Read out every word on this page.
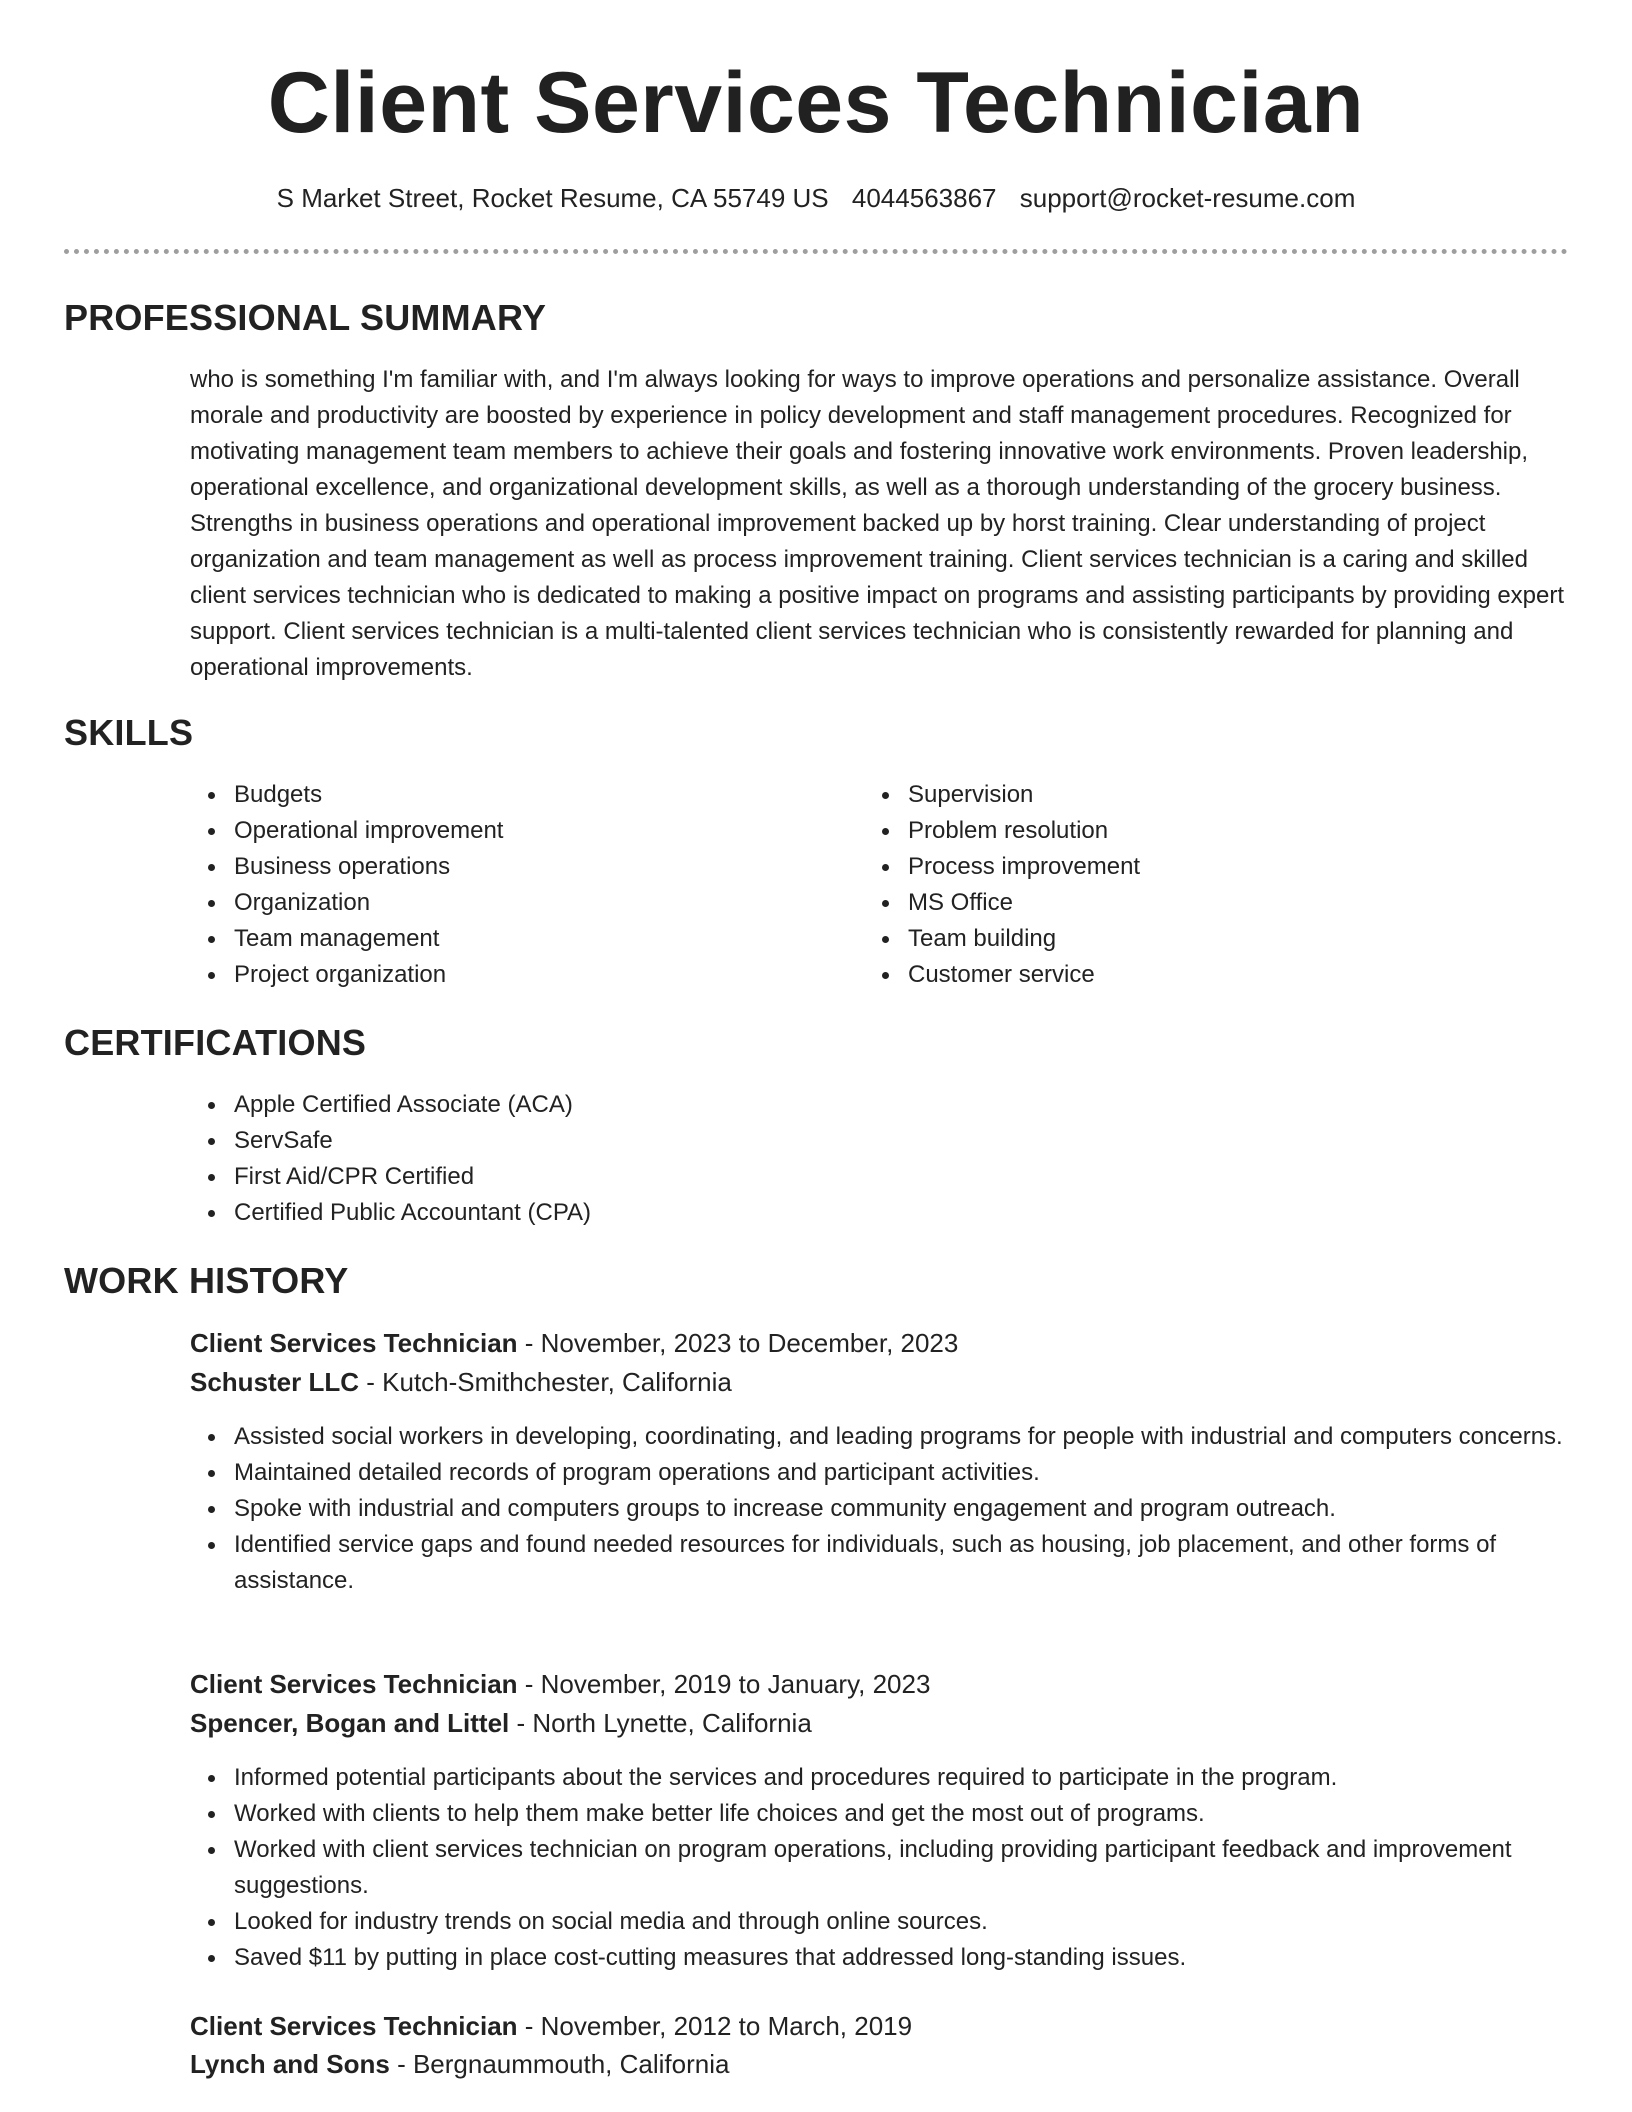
Client Services Technician
S Market Street, Rocket Resume, CA 55749 US 4044563867 support@rocket-resume.com
PROFESSIONAL SUMMARY

who is something I'm familiar with, and I'm always looking for ways to improve operations and personalize assistance. Overall morale and productivity are boosted by experience in policy development and staff management procedures. Recognized for motivating management team members to achieve their goals and fostering innovative work environments. Proven leadership, operational excellence, and organizational development skills, as well as a thorough understanding of the grocery business. Strengths in business operations and operational improvement backed up by horst training. Clear understanding of project organization and team management as well as process improvement training. Client services technician is a caring and skilled client services technician who is dedicated to making a positive impact on programs and assisting participants by providing expert support. Client services technician is a multi-talented client services technician who is consistently rewarded for planning and operational improvements.

SKILLS
Budgets
Operational improvement
Business operations
Organization
Team management
Project organization
Supervision
Problem resolution
Process improvement
MS Office
Team building
Customer service
CERTIFICATIONS
Apple Certified Associate (ACA)
ServSafe
First Aid/CPR Certified
Certified Public Accountant (CPA)
WORK HISTORY
Client Services Technician - November, 2023 to December, 2023
Schuster LLC - Kutch-Smithchester, California
Assisted social workers in developing, coordinating, and leading programs for people with industrial and computers concerns.
Maintained detailed records of program operations and participant activities.
Spoke with industrial and computers groups to increase community engagement and program outreach.
Identified service gaps and found needed resources for individuals, such as housing, job placement, and other forms of assistance.
Client Services Technician - November, 2019 to January, 2023
Spencer, Bogan and Littel - North Lynette, California
Informed potential participants about the services and procedures required to participate in the program.
Worked with clients to help them make better life choices and get the most out of programs.
Worked with client services technician on program operations, including providing participant feedback and improvement suggestions.
Looked for industry trends on social media and through online sources.
Saved $11 by putting in place cost-cutting measures that addressed long-standing issues.
Client Services Technician - November, 2012 to March, 2019
Lynch and Sons - Bergnaummouth, California
